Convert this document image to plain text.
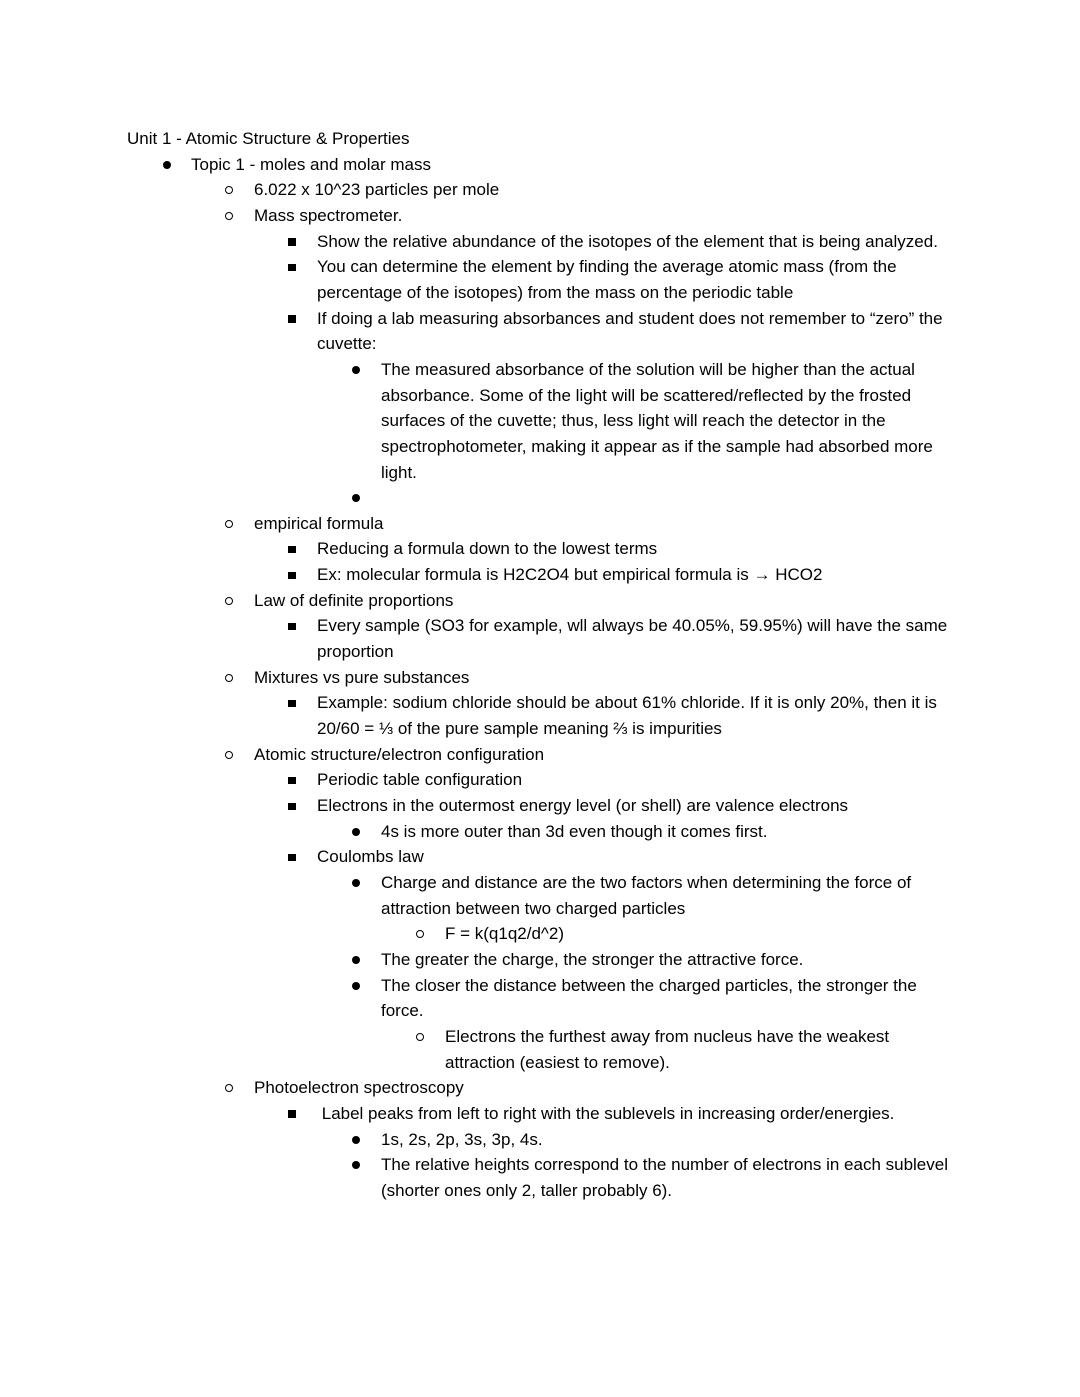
Unit 1 - Atomic Structure & Properties
Topic 1 - moles and molar mass
6.022 x 10^23 particles per mole
Mass spectrometer.
Show the relative abundance of the isotopes of the element that is being analyzed.
You can determine the element by finding the average atomic mass (from the percentage of the isotopes) from the mass on the periodic table
If doing a lab measuring absorbances and student does not remember to “zero” the cuvette:
The measured absorbance of the solution will be higher than the actual absorbance. Some of the light will be scattered/reflected by the frosted surfaces of the cuvette; thus, less light will reach the detector in the spectrophotometer, making it appear as if the sample had absorbed more light.
empirical formula
Reducing a formula down to the lowest terms
Ex: molecular formula is H2C2O4 but empirical formula is → HCO2
Law of definite proportions
Every sample (SO3 for example, wll always be 40.05%, 59.95%) will have the same proportion
Mixtures vs pure substances
Example: sodium chloride should be about 61% chloride. If it is only 20%, then it is 20/60 = ⅓ of the pure sample meaning ⅔ is impurities
Atomic structure/electron configuration
Periodic table configuration
Electrons in the outermost energy level (or shell) are valence electrons
4s is more outer than 3d even though it comes first.
Coulombs law
Charge and distance are the two factors when determining the force of attraction between two charged particles
F = k(q1q2/d^2)
The greater the charge, the stronger the attractive force.
The closer the distance between the charged particles, the stronger the force.
Electrons the furthest away from nucleus have the weakest attraction (easiest to remove).
Photoelectron spectroscopy
Label peaks from left to right with the sublevels in increasing order/energies.
1s, 2s, 2p, 3s, 3p, 4s.
The relative heights correspond to the number of electrons in each sublevel (shorter ones only 2, taller probably 6).
